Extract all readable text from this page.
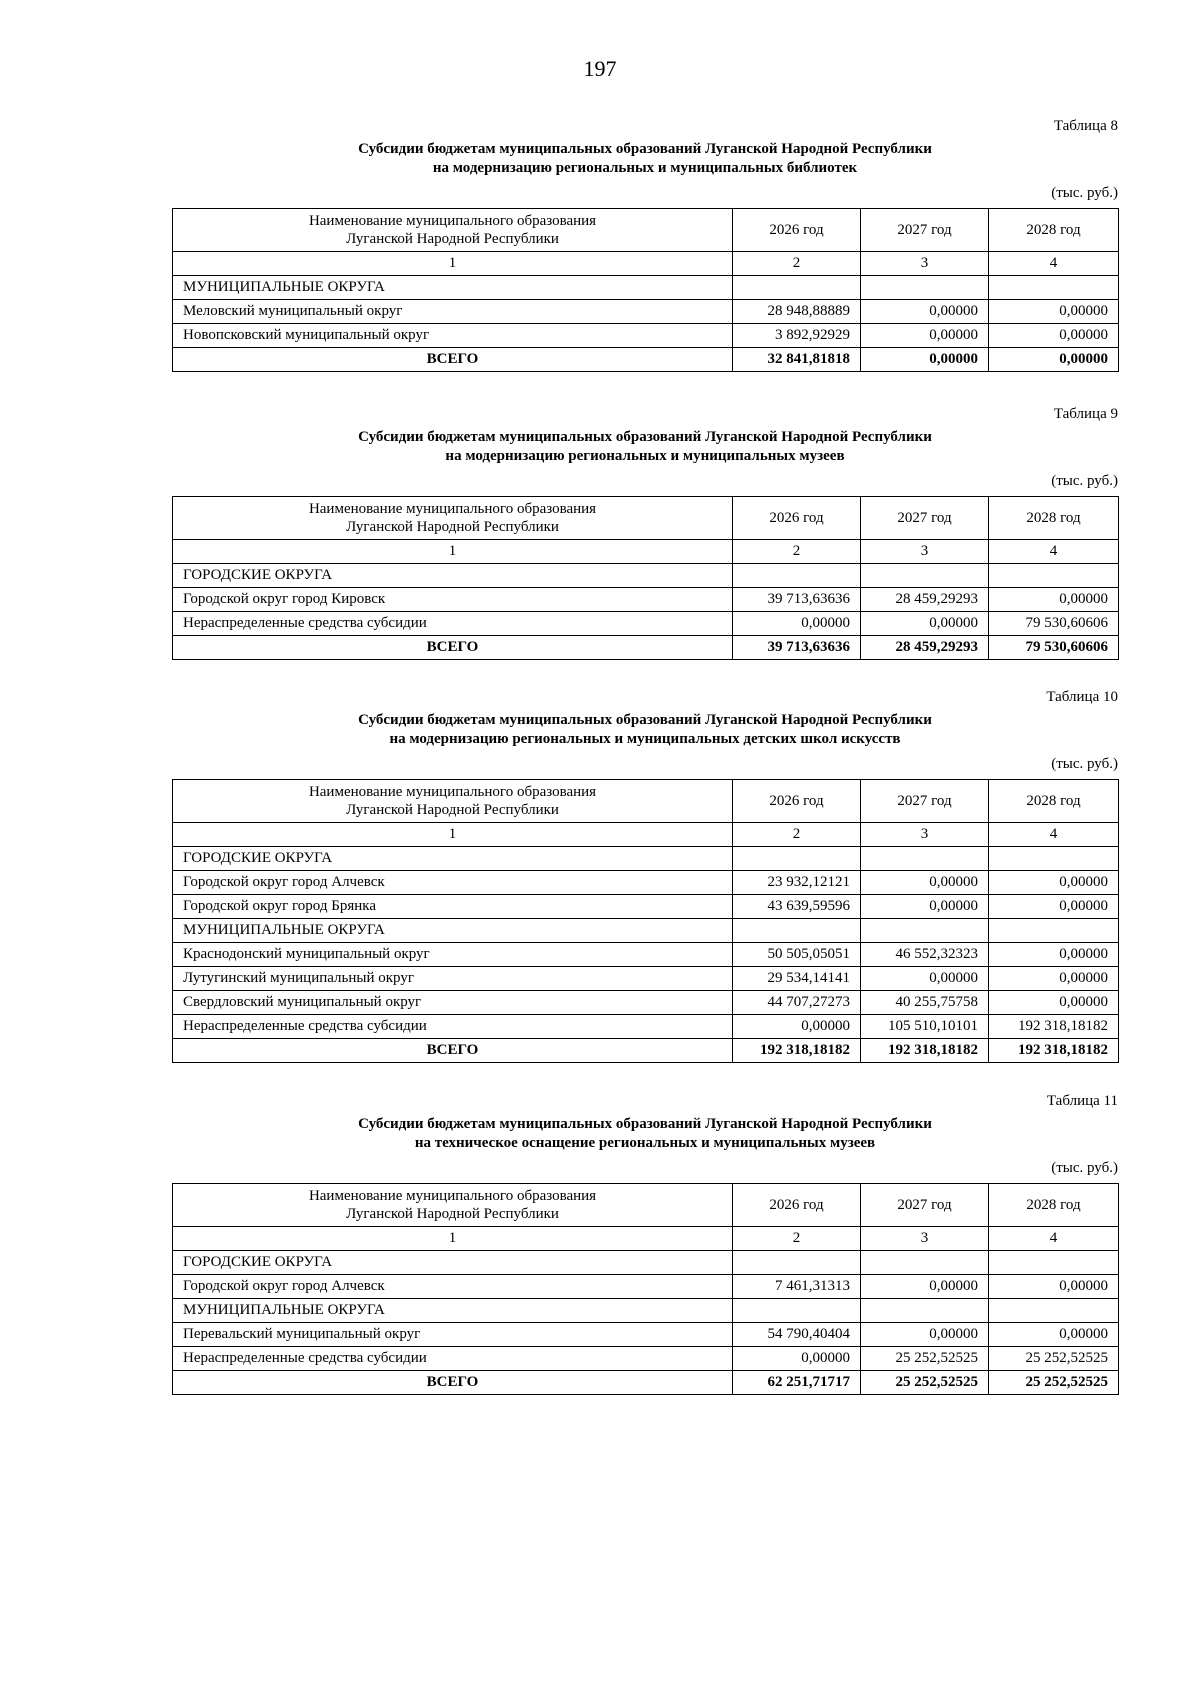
197
Таблица 8
Субсидии бюджетам муниципальных образований Луганской Народной Республики
на модернизацию региональных и муниципальных библиотек
(тыс. руб.)
Наименование муниципального образования
Луганской Народной Республики	2026 год	2027 год	2028 год
1	2	3	4
МУНИЦИПАЛЬНЫЕ ОКРУГА			
Меловский муниципальный округ	28 948,88889	0,00000	0,00000
Новопсковский муниципальный округ	3 892,92929	0,00000	0,00000
ВСЕГО	32 841,81818	0,00000	0,00000
Таблица 9
Субсидии бюджетам муниципальных образований Луганской Народной Республики
на модернизацию региональных и муниципальных музеев
(тыс. руб.)
Наименование муниципального образования
Луганской Народной Республики	2026 год	2027 год	2028 год
1	2	3	4
ГОРОДСКИЕ ОКРУГА			
Городской округ город Кировск	39 713,63636	28 459,29293	0,00000
Нераспределенные средства субсидии	0,00000	0,00000	79 530,60606
ВСЕГО	39 713,63636	28 459,29293	79 530,60606
Таблица 10
Субсидии бюджетам муниципальных образований Луганской Народной Республики
на модернизацию региональных и муниципальных детских школ искусств
(тыс. руб.)
Наименование муниципального образования
Луганской Народной Республики	2026 год	2027 год	2028 год
1	2	3	4
ГОРОДСКИЕ ОКРУГА			
Городской округ город Алчевск	23 932,12121	0,00000	0,00000
Городской округ город Брянка	43 639,59596	0,00000	0,00000
МУНИЦИПАЛЬНЫЕ ОКРУГА			
Краснодонский муниципальный округ	50 505,05051	46 552,32323	0,00000
Лутугинский муниципальный округ	29 534,14141	0,00000	0,00000
Свердловский муниципальный округ	44 707,27273	40 255,75758	0,00000
Нераспределенные средства субсидии	0,00000	105 510,10101	192 318,18182
ВСЕГО	192 318,18182	192 318,18182	192 318,18182
Таблица 11
Субсидии бюджетам муниципальных образований Луганской Народной Республики
на техническое оснащение региональных и муниципальных музеев
(тыс. руб.)
Наименование муниципального образования
Луганской Народной Республики	2026 год	2027 год	2028 год
1	2	3	4
ГОРОДСКИЕ ОКРУГА			
Городской округ город Алчевск	7 461,31313	0,00000	0,00000
МУНИЦИПАЛЬНЫЕ ОКРУГА			
Перевальский муниципальный округ	54 790,40404	0,00000	0,00000
Нераспределенные средства субсидии	0,00000	25 252,52525	25 252,52525
ВСЕГО	62 251,71717	25 252,52525	25 252,52525
